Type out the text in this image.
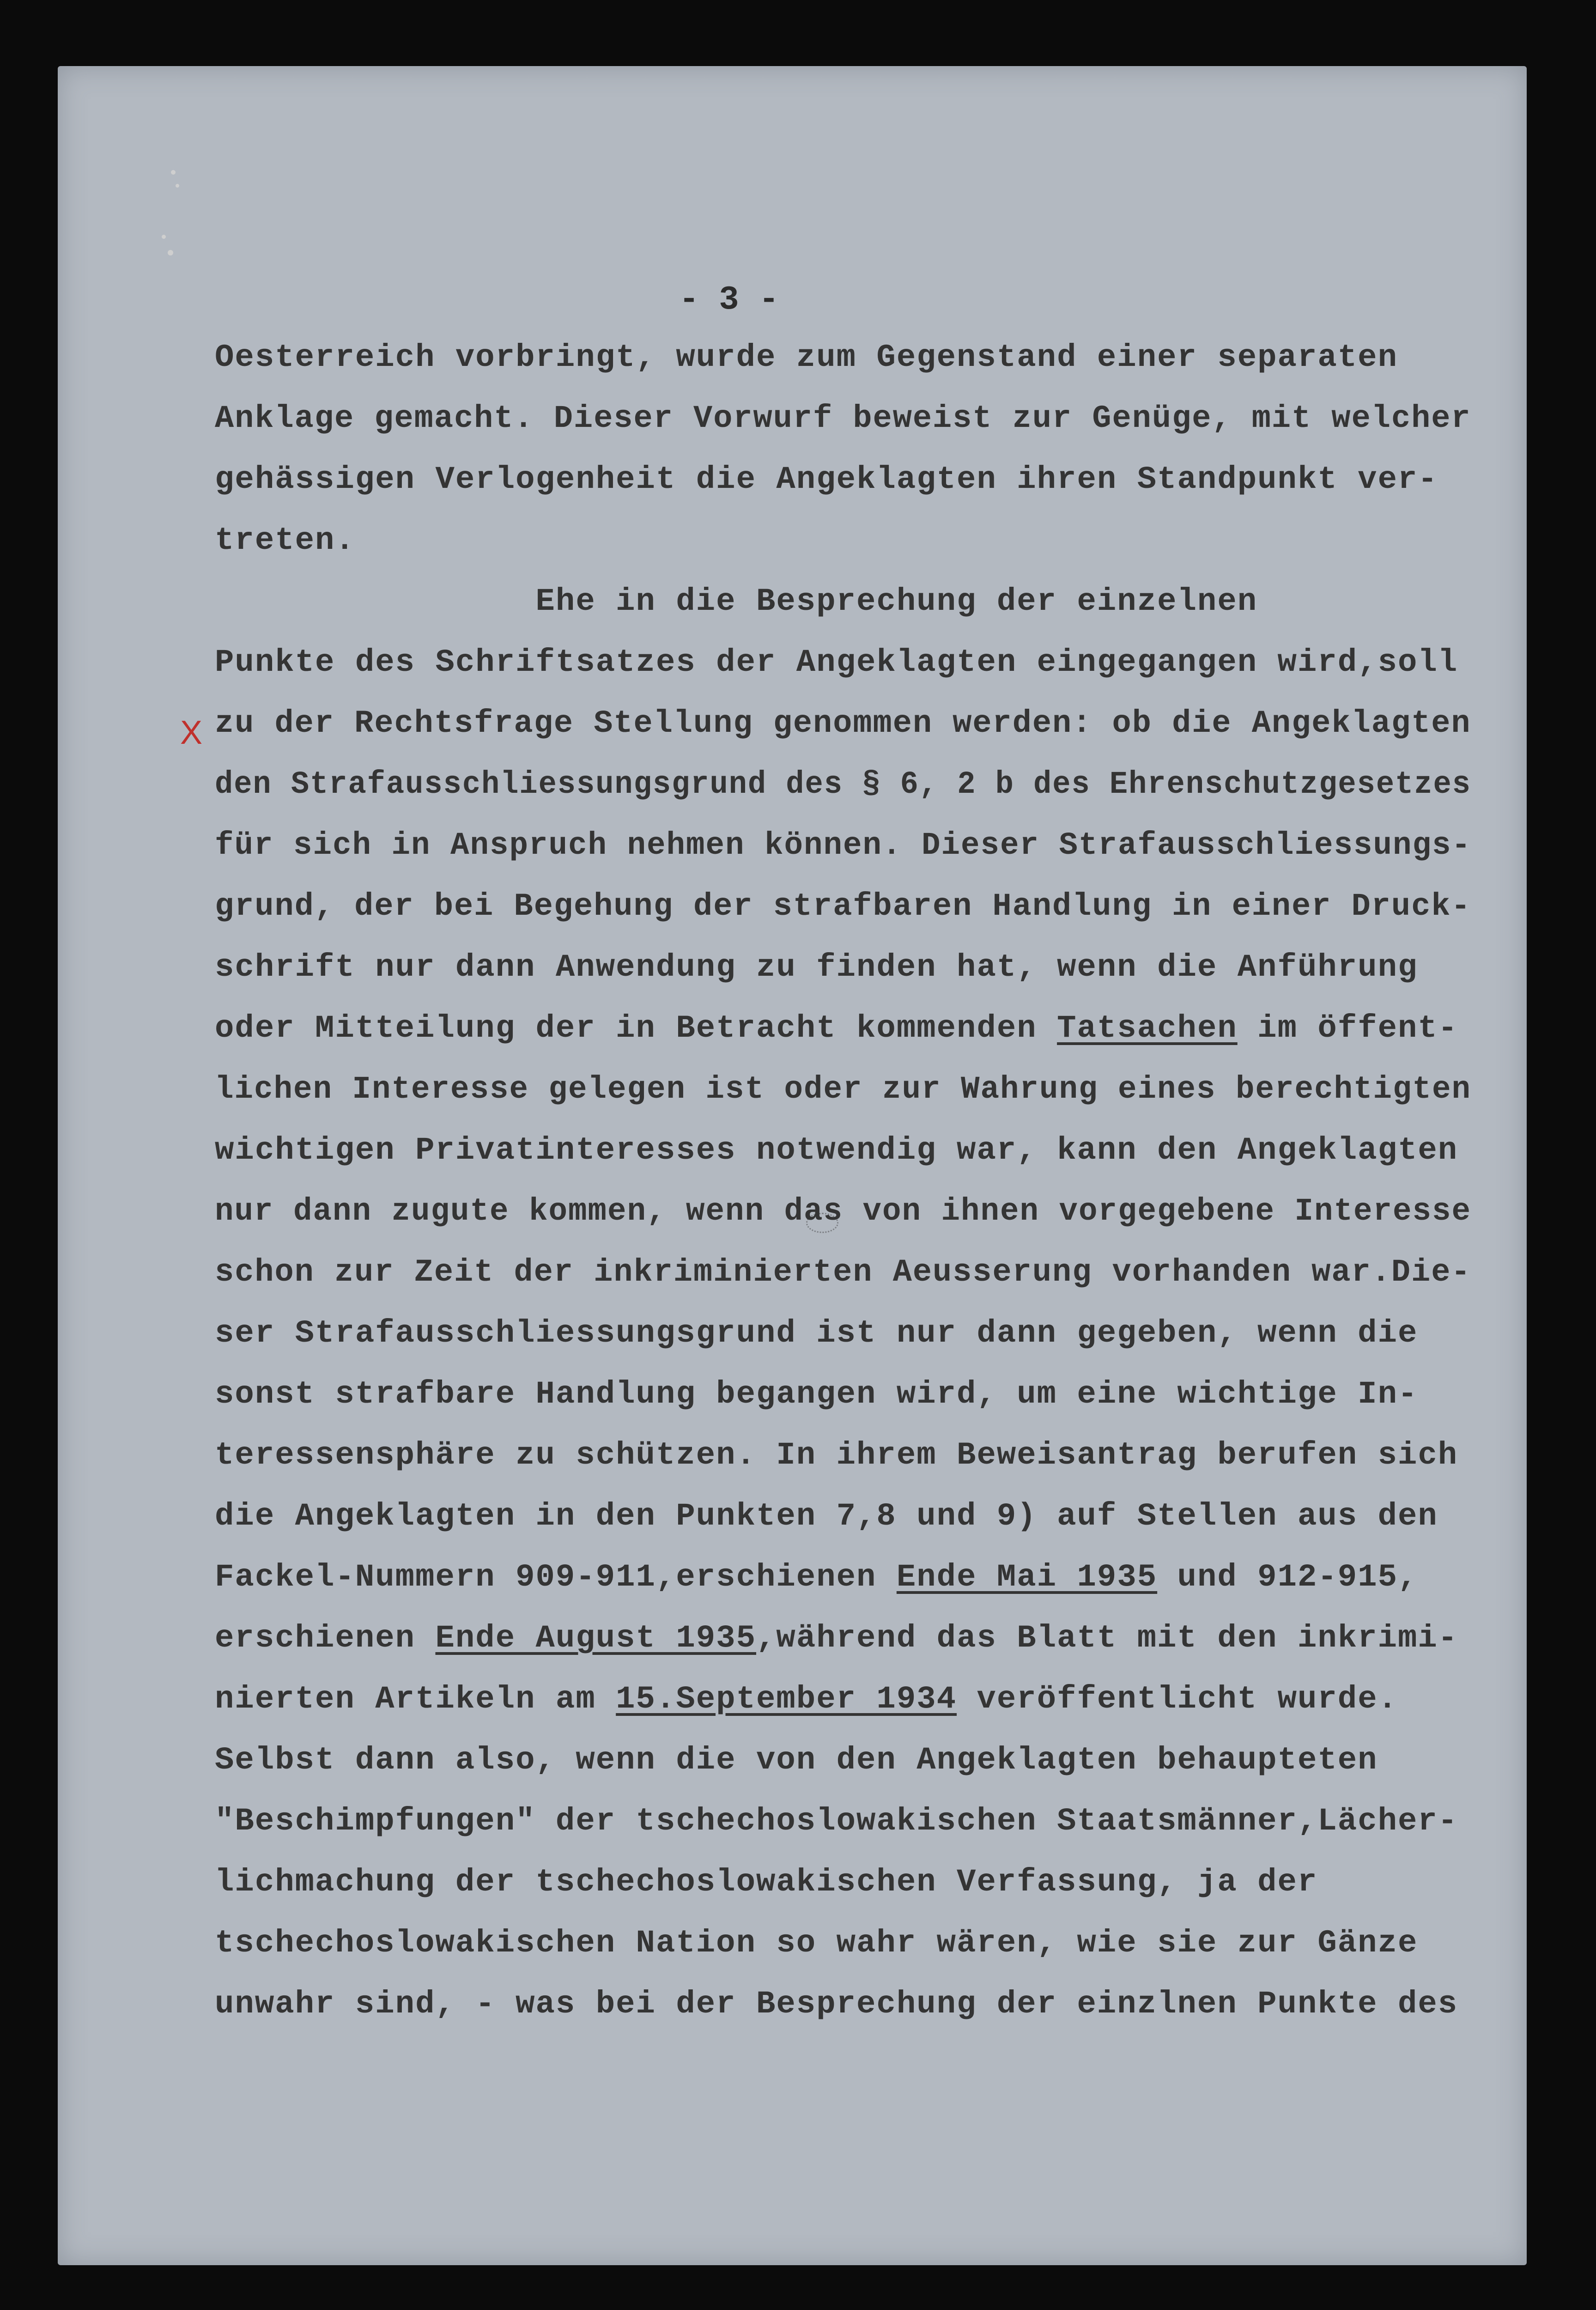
- 3 -
X
Oesterreich vorbringt, wurde zum Gegenstand einer separaten
Anklage gemacht. Dieser Vorwurf beweist zur Genüge, mit welcher
gehässigen Verlogenheit die Angeklagten ihren Standpunkt ver-
treten.
Ehe in die Besprechung der einzelnen
Punkte des Schriftsatzes der Angeklagten eingegangen wird,soll
zu der Rechtsfrage Stellung genommen werden: ob die Angeklagten
den Strafausschliessungsgrund des § 6, 2 b des Ehrenschutzgesetzes
für sich in Anspruch nehmen können. Dieser Strafausschliessungs-
grund, der bei Begehung der strafbaren Handlung in einer Druck-
schrift nur dann Anwendung zu finden hat, wenn die Anführung
oder Mitteilung der in Betracht kommenden Tatsachen im öffent-
lichen Interesse gelegen ist oder zur Wahrung eines berechtigten
wichtigen Privatinteresses notwendig war, kann den Angeklagten
nur dann zugute kommen, wenn das von ihnen vorgegebene Interesse
schon zur Zeit der inkriminierten Aeusserung vorhanden war.Die-
ser Strafausschliessungsgrund ist nur dann gegeben, wenn die
sonst strafbare Handlung begangen wird, um eine wichtige In-
teressensphäre zu schützen. In ihrem Beweisantrag berufen sich
die Angeklagten in den Punkten 7,8 und 9) auf Stellen aus den
Fackel-Nummern 909-911,erschienen Ende Mai 1935 und 912-915,
erschienen Ende August 1935,während das Blatt mit den inkrimi-
nierten Artikeln am 15.September 1934 veröffentlicht wurde.
Selbst dann also, wenn die von den Angeklagten behaupteten
"Beschimpfungen" der tschechoslowakischen Staatsmänner,Lächer-
lichmachung der tschechoslowakischen Verfassung, ja der
tschechoslowakischen Nation so wahr wären, wie sie zur Gänze
unwahr sind, - was bei der Besprechung der einzlnen Punkte des
